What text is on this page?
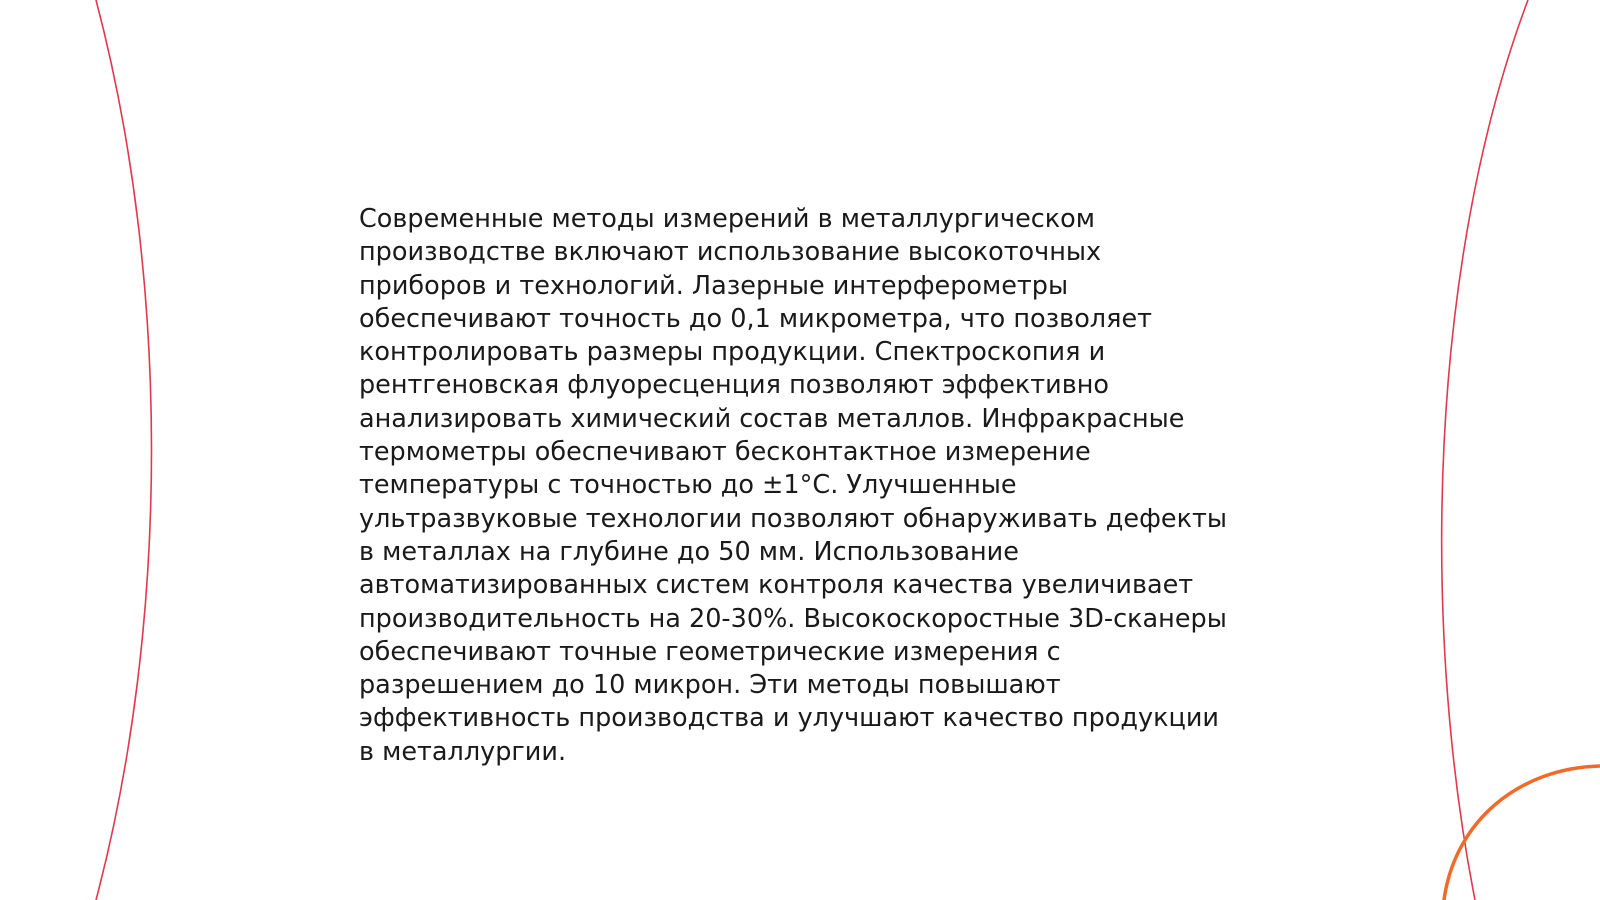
Современные методы измерений в металлургическом
производстве включают использование высокоточных
приборов и технологий. Лазерные интерферометры
обеспечивают точность до 0,1 микрометра, что позволяет
контролировать размеры продукции. Спектроскопия и
рентгеновская флуоресценция позволяют эффективно
анализировать химический состав металлов. Инфракрасные
термометры обеспечивают бесконтактное измерение
температуры с точностью до ±1°C. Улучшенные
ультразвуковые технологии позволяют обнаруживать дефекты
в металлах на глубине до 50 мм. Использование
автоматизированных систем контроля качества увеличивает
производительность на 20-30%. Высокоскоростные 3D-сканеры
обеспечивают точные геометрические измерения с
разрешением до 10 микрон. Эти методы повышают
эффективность производства и улучшают качество продукции
в металлургии.
